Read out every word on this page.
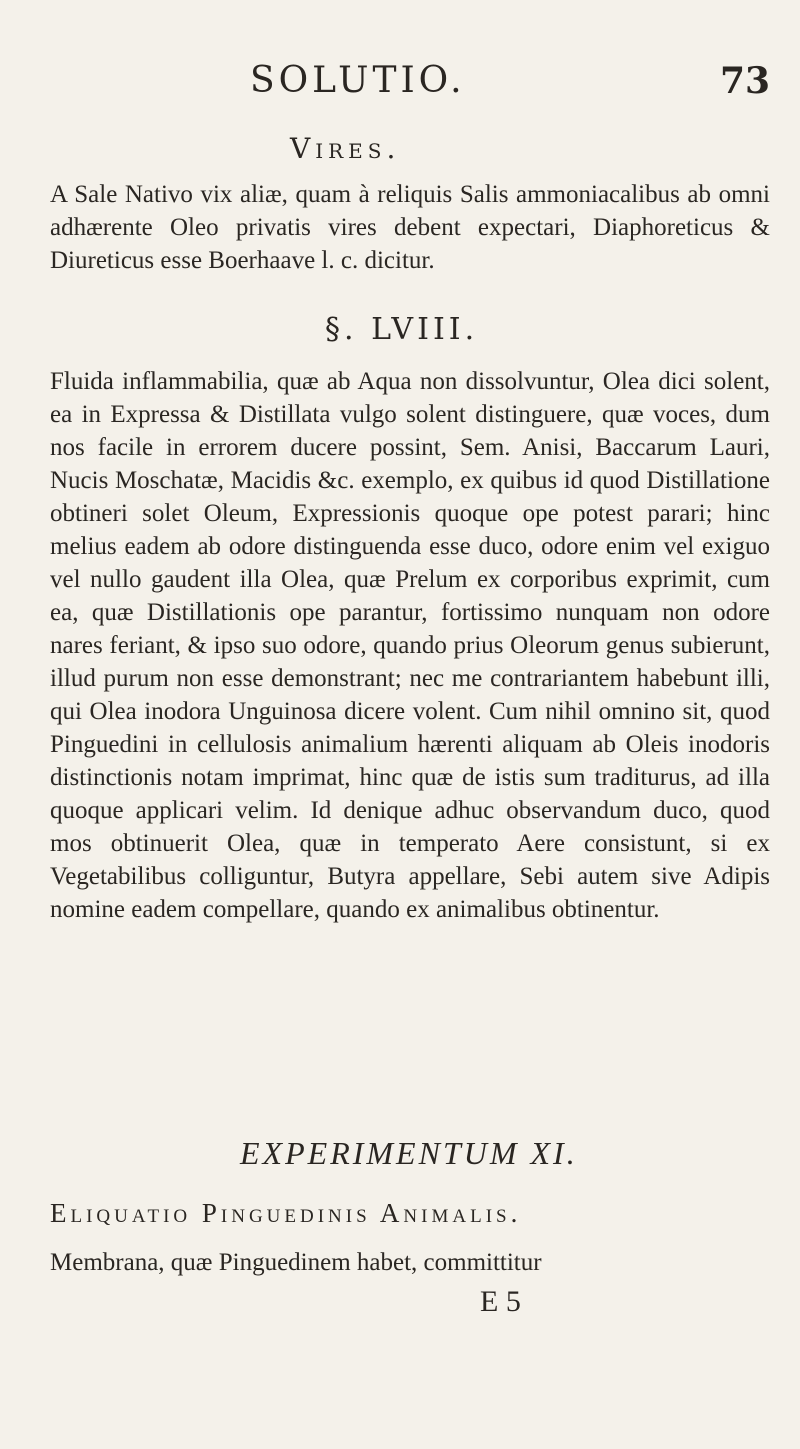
SOLUTIO.	73
Vires.
A Sale Nativo vix aliæ, quam à reliquis Salis ammoniacalibus ab omni adhærente Oleo privatis vires debent expectari, Diaphoreticus & Diureticus esse Boerhaave l. c. dicitur.
§. LVIII.
Fluida inflammabilia, quæ ab Aqua non dissolvuntur, Olea dici solent, ea in Expressa & Distillata vulgo solent distinguere, quæ voces, dum nos facile in errorem ducere possint, Sem. Anisi, Baccarum Lauri, Nucis Moschatæ, Macidis &c. exemplo, ex quibus id quod Distillatione obtineri solet Oleum, Expressionis quoque ope potest parari; hinc melius eadem ab odore distinguenda esse duco, odore enim vel exiguo vel nullo gaudent illa Olea, quæ Prelum ex corporibus exprimit, cum ea, quæ Distillationis ope parantur, fortissimo nunquam non odore nares feriant, & ipso suo odore, quando prius Oleorum genus subierunt, illud purum non esse demonstrant; nec me contrariantem habebunt illi, qui Olea inodora Unguinosa dicere volent. Cum nihil omnino sit, quod Pinguedini in cellulosis animalium hærenti aliquam ab Oleis inodoris distinctionis notam imprimat, hinc quæ de istis sum traditurus, ad illa quoque applicari velim. Id denique adhuc observandum duco, quod mos obtinuerit Olea, quæ in temperato Aere consistunt, si ex Vegetabilibus colliguntur, Butyra appellare, Sebi autem sive Adipis nomine eadem compellare, quando ex animalibus obtinentur.
EXPERIMENTUM XI.
Eliquatio Pinguedinis Animalis.
Membrana, quæ Pinguedinem habet, committitur
E 5
